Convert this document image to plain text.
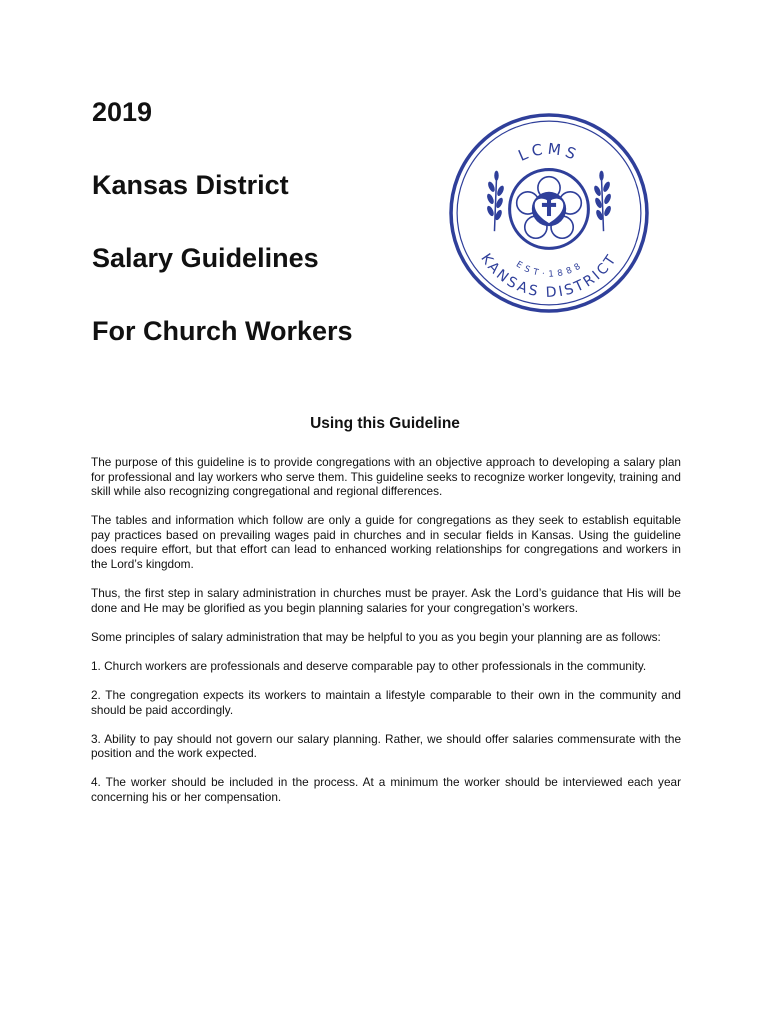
2019
Kansas District
Salary Guidelines
For Church Workers
LCMS
EST·1888
KANSAS DISTRICT
Using this Guideline

The purpose of this guideline is to provide congregations with an objective approach to developing a salary plan for professional and lay workers who serve them. This guideline seeks to recognize worker longevity, training and skill while also recognizing congregational and regional differences.

The tables and information which follow are only a guide for congregations as they seek to establish equitable pay practices based on prevailing wages paid in churches and in secular fields in Kansas. Using the guideline does require effort, but that effort can lead to enhanced working relationships for congregations and workers in the Lord’s kingdom.

Thus, the first step in salary administration in churches must be prayer. Ask the Lord’s guidance that His will be done and He may be glorified as you begin planning salaries for your congregation’s workers.

Some principles of salary administration that may be helpful to you as you begin your planning are as follows:

1. Church workers are professionals and deserve comparable pay to other professionals in the community.

2. The congregation expects its workers to maintain a lifestyle comparable to their own in the community and should be paid accordingly.

3. Ability to pay should not govern our salary planning. Rather, we should offer salaries commensurate with the position and the work expected.

4. The worker should be included in the process. At a minimum the worker should be interviewed each year concerning his or her compensation.
